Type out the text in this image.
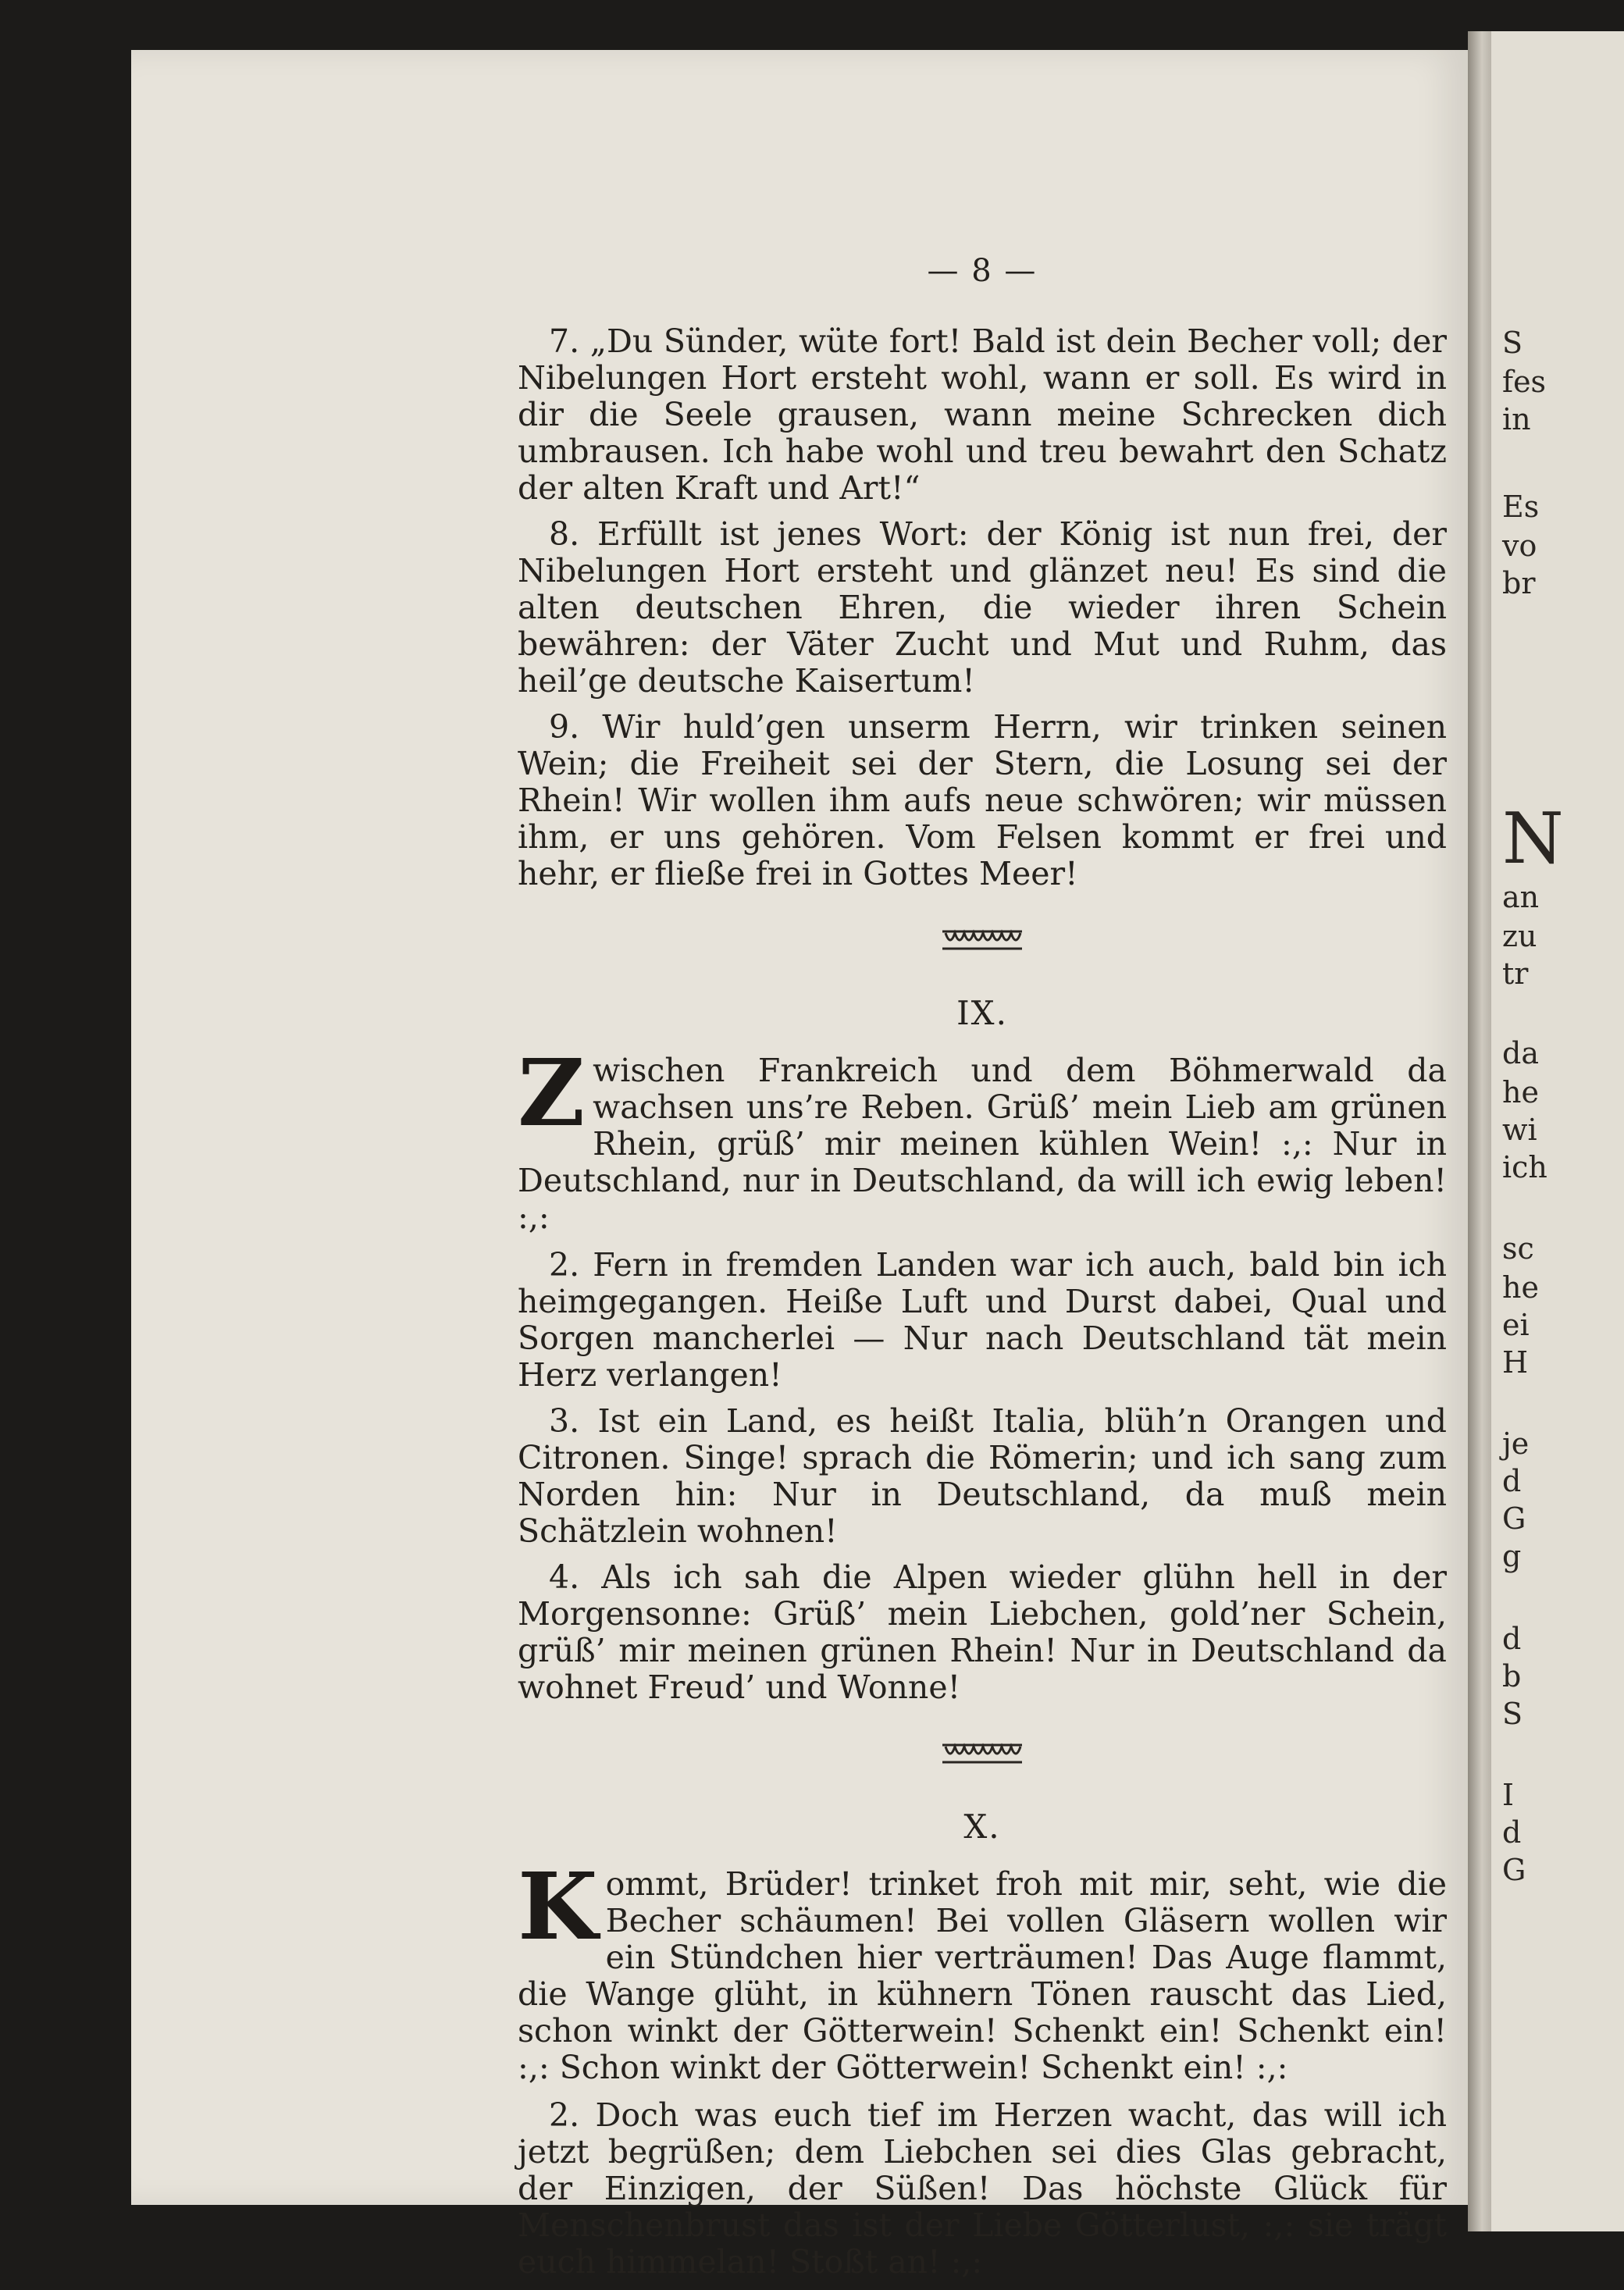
— 8 —

7. „Du Sünder, wüte fort! Bald ist dein Becher voll; der Nibelungen Hort ersteht wohl, wann er soll. Es wird in dir die Seele grausen, wann meine Schrecken dich umbrausen. Ich habe wohl und treu bewahrt den Schatz der alten Kraft und Art!“

8. Erfüllt ist jenes Wort: der König ist nun frei, der Nibelungen Hort ersteht und glänzet neu! Es sind die alten deutschen Ehren, die wieder ihren Schein bewähren: der Väter Zucht und Mut und Ruhm, das heil’ge deutsche Kaisertum!

9. Wir huld’gen unserm Herrn, wir trinken seinen Wein; die Freiheit sei der Stern, die Losung sei der Rhein! Wir wollen ihm aufs neue schwören; wir müssen ihm, er uns gehören. Vom Felsen kommt er frei und hehr, er fließe frei in Gottes Meer!

IX.
Zwischen Frankreich und dem Böhmerwald da wachsen uns’re Reben. Grüß’ mein Lieb am grünen Rhein, grüß’ mir meinen kühlen Wein! :,: Nur in Deutschland, nur in Deutschland, da will ich ewig leben! :,:

2. Fern in fremden Landen war ich auch, bald bin ich heimgegangen. Heiße Luft und Durst dabei, Qual und Sorgen mancherlei — Nur nach Deutschland tät mein Herz verlangen!

3. Ist ein Land, es heißt Italia, blüh’n Orangen und Citronen. Singe! sprach die Römerin; und ich sang zum Norden hin: Nur in Deutschland, da muß mein Schätzlein wohnen!

4. Als ich sah die Alpen wieder glühn hell in der Morgensonne: Grüß’ mein Liebchen, gold’ner Schein, grüß’ mir meinen grünen Rhein! Nur in Deutschland da wohnet Freud’ und Wonne!

X.
Kommt, Brüder! trinket froh mit mir, seht, wie die Becher schäumen! Bei vollen Gläsern wollen wir ein Stündchen hier verträumen! Das Auge flammt, die Wange glüht, in kühnern Tönen rauscht das Lied, schon winkt der Götterwein! Schenkt ein! Schenkt ein! :,: Schon winkt der Götterwein! Schenkt ein! :,:

2. Doch was euch tief im Herzen wacht, das will ich jetzt begrüßen; dem Liebchen sei dies Glas gebracht, der Einzigen, der Süßen! Das höchste Glück für Menschenbrust das ist der Liebe Götterlust, :,: sie trägt euch himmelan! Stoßt an! :,:

S
fes
in
Es
vo
br
N
an
zu
tr
da
he
wi
ich
sc
he
ei
H
je
d
G
g
d
b
S
I
d
G
